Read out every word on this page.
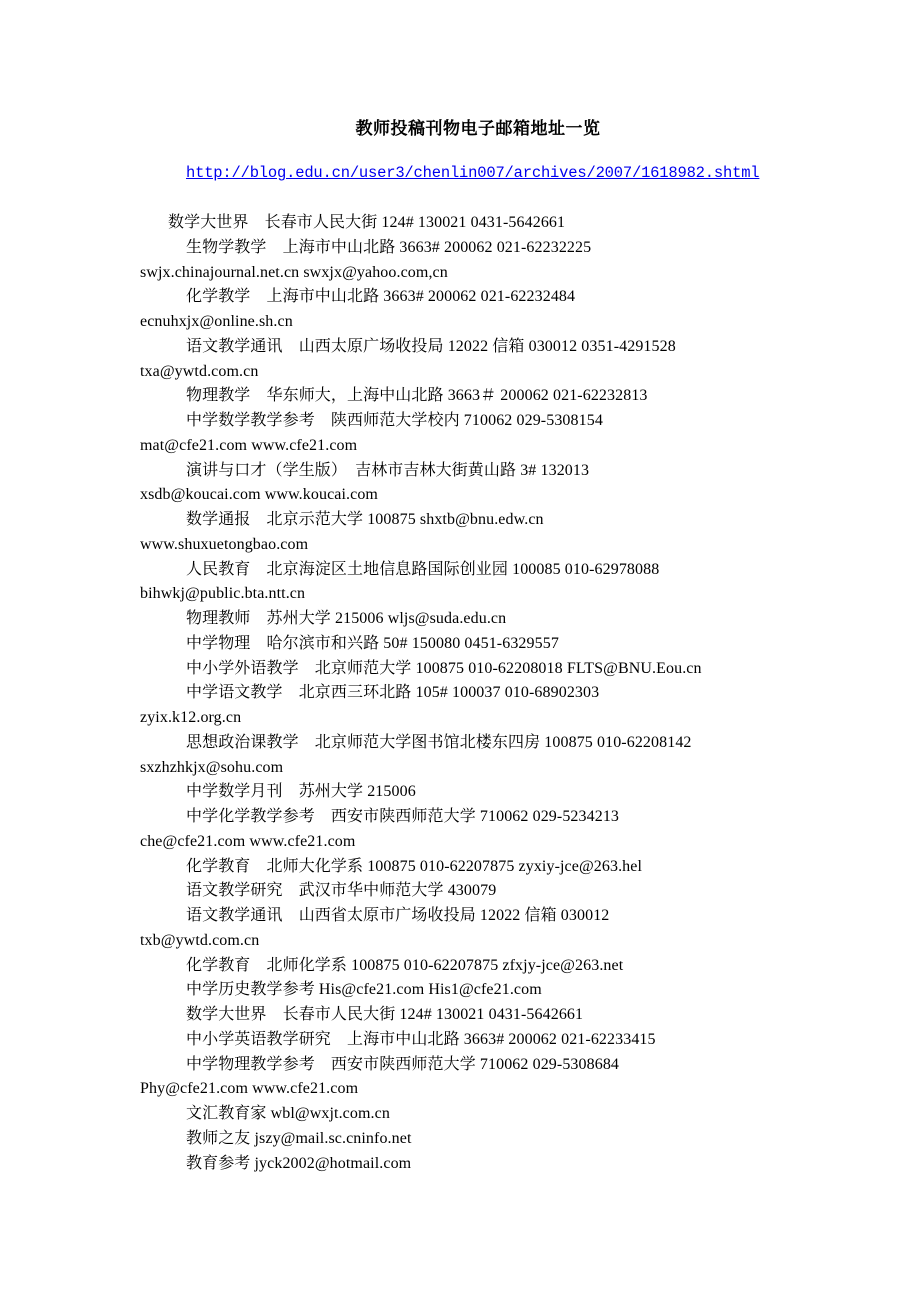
教师投稿刊物电子邮箱地址一览
http://blog.edu.cn/user3/chenlin007/archives/2007/1618982.shtml
数学大世界　长春市人民大街 124# 130021 0431-5642661
生物学教学　上海市中山北路 3663# 200062 021-62232225
swjx.chinajournal.net.cn swxjx@yahoo.com,cn
化学教学　上海市中山北路 3663# 200062 021-62232484
ecnuhxjx@online.sh.cn
语文教学通讯　山西太原广场收投局 12022 信箱 030012 0351-4291528
txa@ywtd.com.cn
物理教学　华东师大，上海中山北路 3663＃ 200062 021-62232813
中学数学教学参考　陕西师范大学校内 710062 029-5308154
mat@cfe21.com www.cfe21.com
演讲与口才（学生版）　吉林市吉林大街黄山路 3# 132013
xsdb@koucai.com www.koucai.com
数学通报　北京示范大学 100875 shxtb@bnu.edw.cn
www.shuxuetongbao.com
人民教育　北京海淀区土地信息路国际创业园 100085 010-62978088
bihwkj@public.bta.ntt.cn
物理教师　苏州大学 215006 wljs@suda.edu.cn
中学物理　哈尔滨市和兴路 50# 150080 0451-6329557
中小学外语教学　北京师范大学 100875 010-62208018 FLTS@BNU.Eou.cn
中学语文教学　北京西三环北路 105# 100037 010-68902303
zyix.k12.org.cn
思想政治课教学　北京师范大学图书馆北楼东四房 100875 010-62208142
sxzhzhkjx@sohu.com
中学数学月刊　苏州大学 215006
中学化学教学参考　西安市陕西师范大学 710062 029-5234213
che@cfe21.com www.cfe21.com
化学教育　北师大化学系 100875 010-62207875 zyxiy-jce@263.hel
语文教学研究　武汉市华中师范大学 430079
语文教学通讯　山西省太原市广场收投局 12022 信箱 030012
txb@ywtd.com.cn
化学教育　北师化学系 100875 010-62207875 zfxjy-jce@263.net
中学历史教学参考 His@cfe21.com His1@cfe21.com
数学大世界　长春市人民大街 124# 130021 0431-5642661
中小学英语教学研究　上海市中山北路 3663# 200062 021-62233415
中学物理教学参考　西安市陕西师范大学 710062 029-5308684
Phy@cfe21.com www.cfe21.com
文汇教育家 wbl@wxjt.com.cn
教师之友 jszy@mail.sc.cninfo.net
教育参考 jyck2002@hotmail.com
